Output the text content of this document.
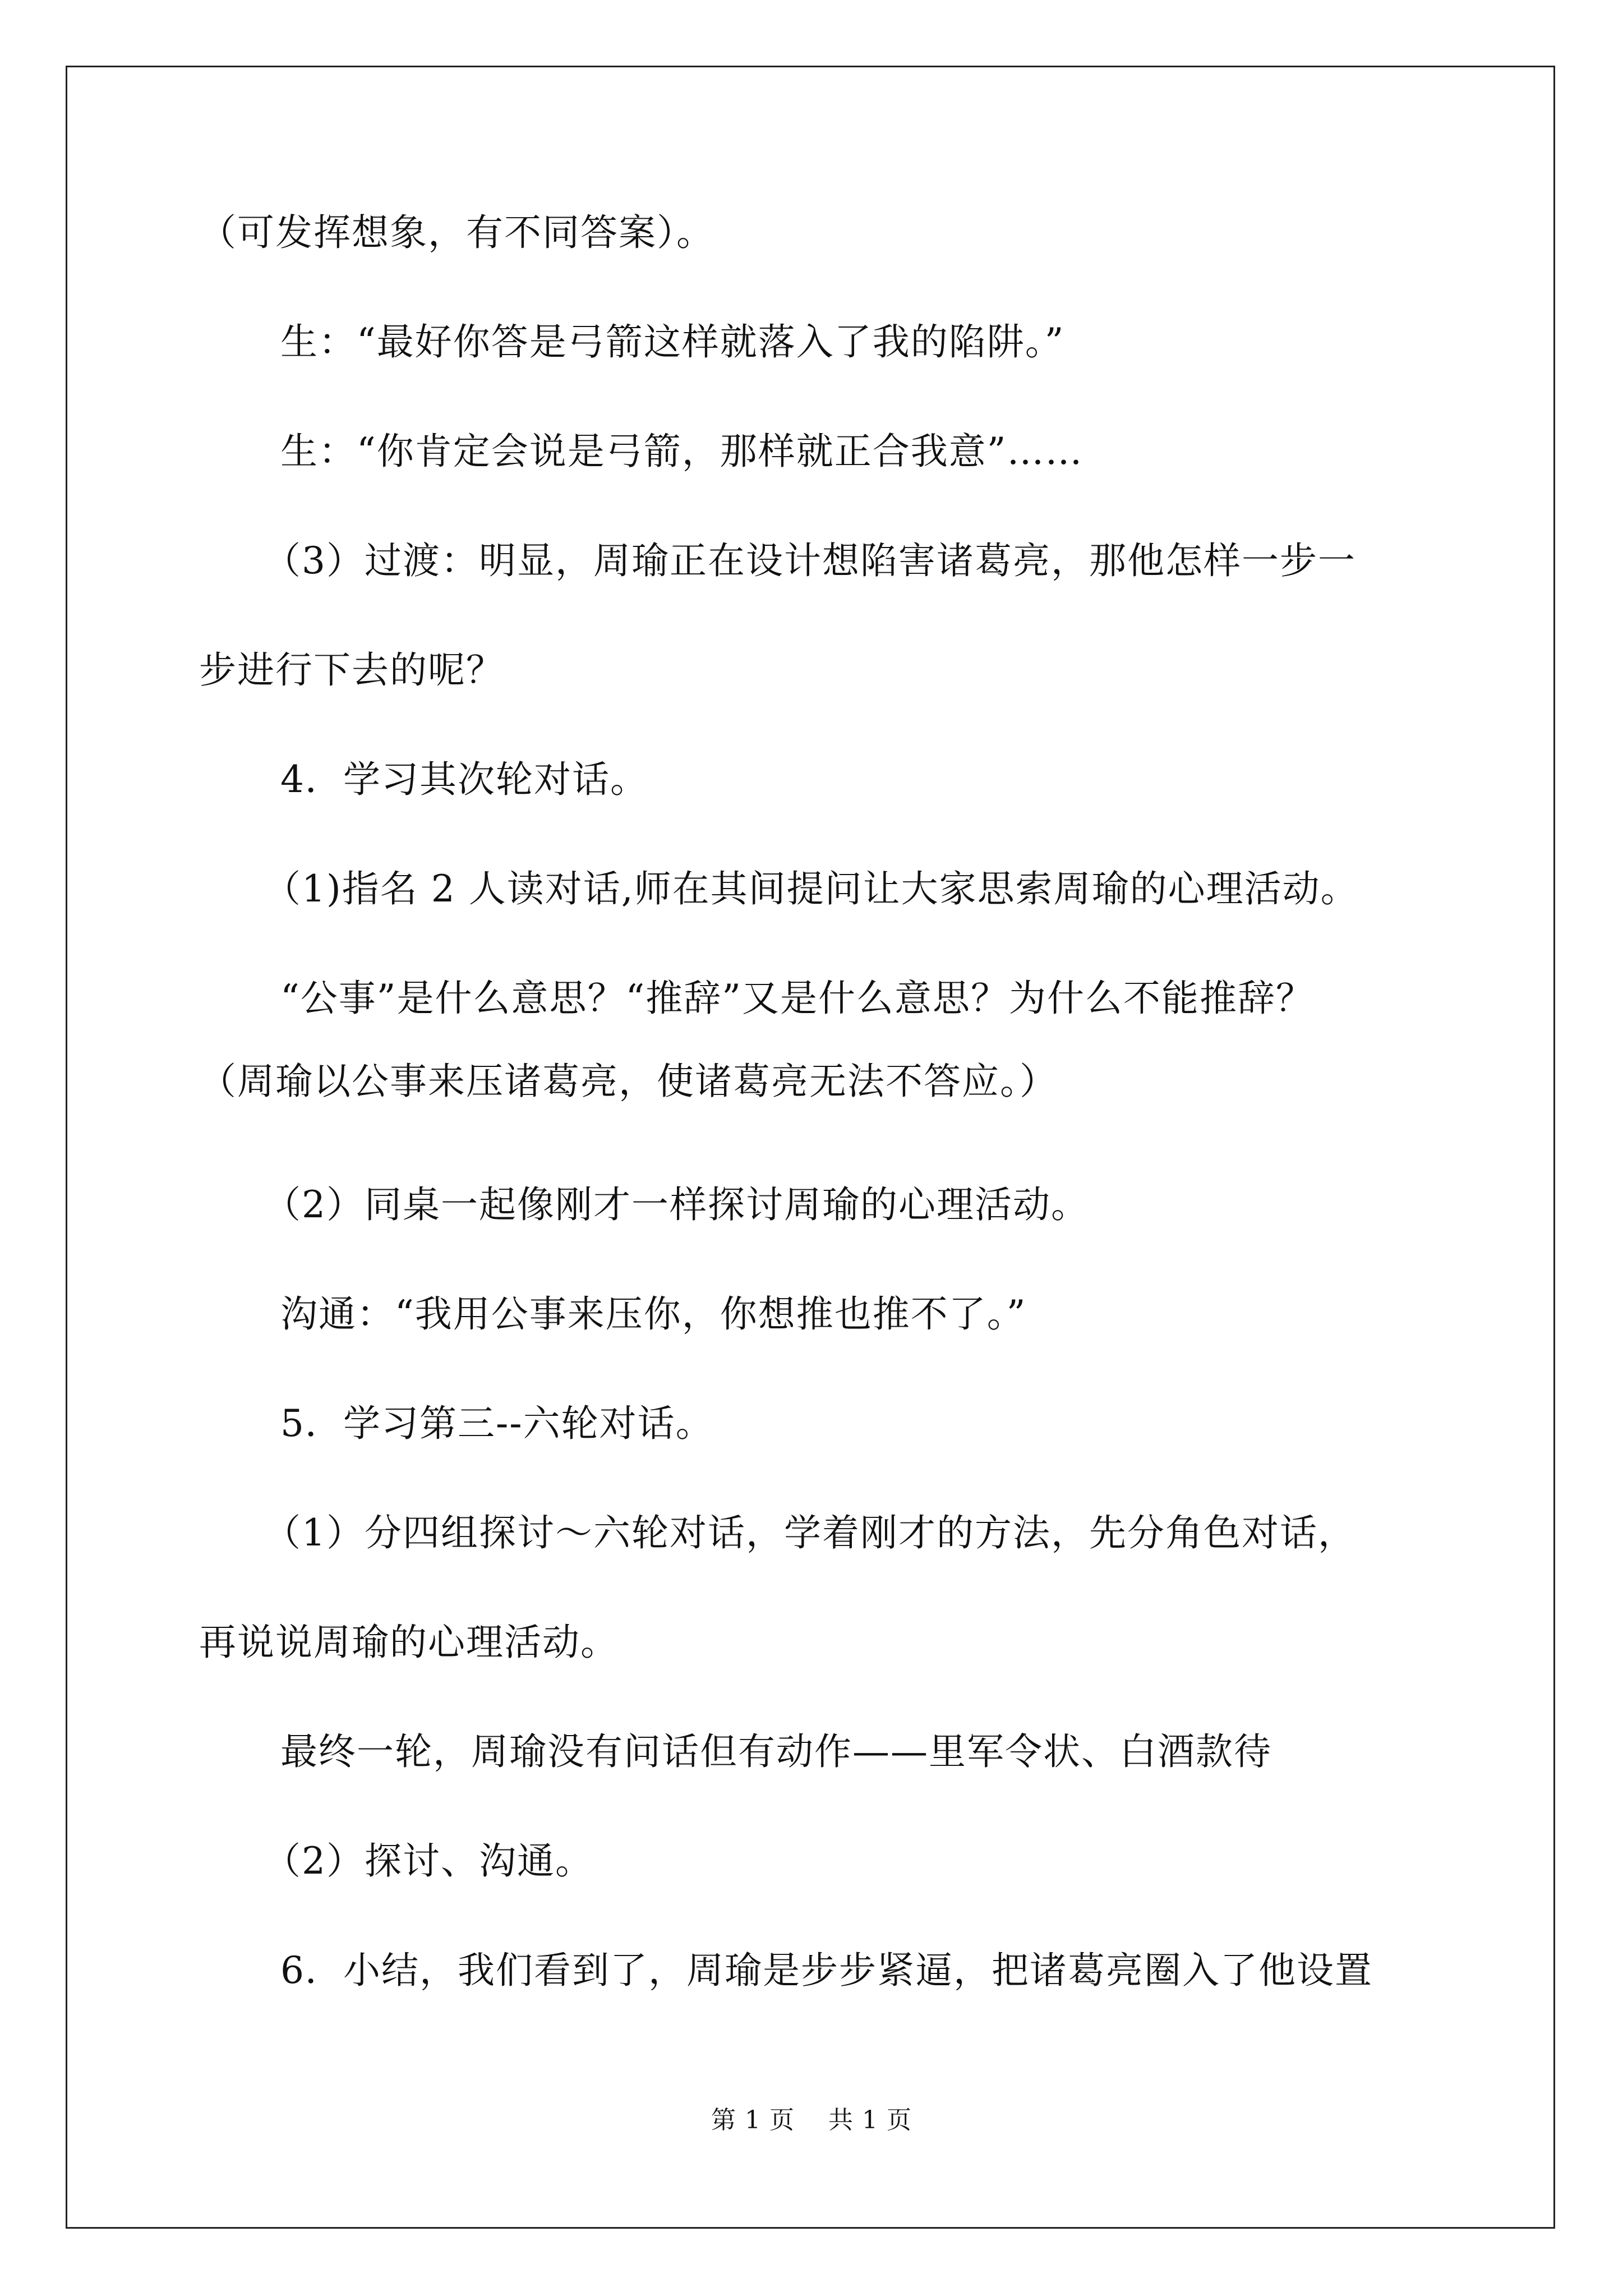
（可发挥想象，有不同答案）。
生：“最好你答是弓箭这样就落入了我的陷阱。”
生：“你肯定会说是弓箭，那样就正合我意”……
（3）过渡：明显，周瑜正在设计想陷害诸葛亮，那他怎样一步一
步进行下去的呢？
4．学习其次轮对话。
（1)指名 2 人读对话,师在其间提问让大家思索周瑜的心理活动。
“公事”是什么意思？“推辞”又是什么意思？为什么不能推辞？
（周瑜以公事来压诸葛亮，使诸葛亮无法不答应。）
（2）同桌一起像刚才一样探讨周瑜的心理活动。
沟通：“我用公事来压你，你想推也推不了。”
5．学习第三--六轮对话。
（1）分四组探讨～六轮对话，学着刚才的方法，先分角色对话，
再说说周瑜的心理活动。
最终一轮，周瑜没有问话但有动作——里军令状、白酒款待
（2）探讨、沟通。
6．小结，我们看到了，周瑜是步步紧逼，把诸葛亮圈入了他设置
第 1 页 共 1 页
